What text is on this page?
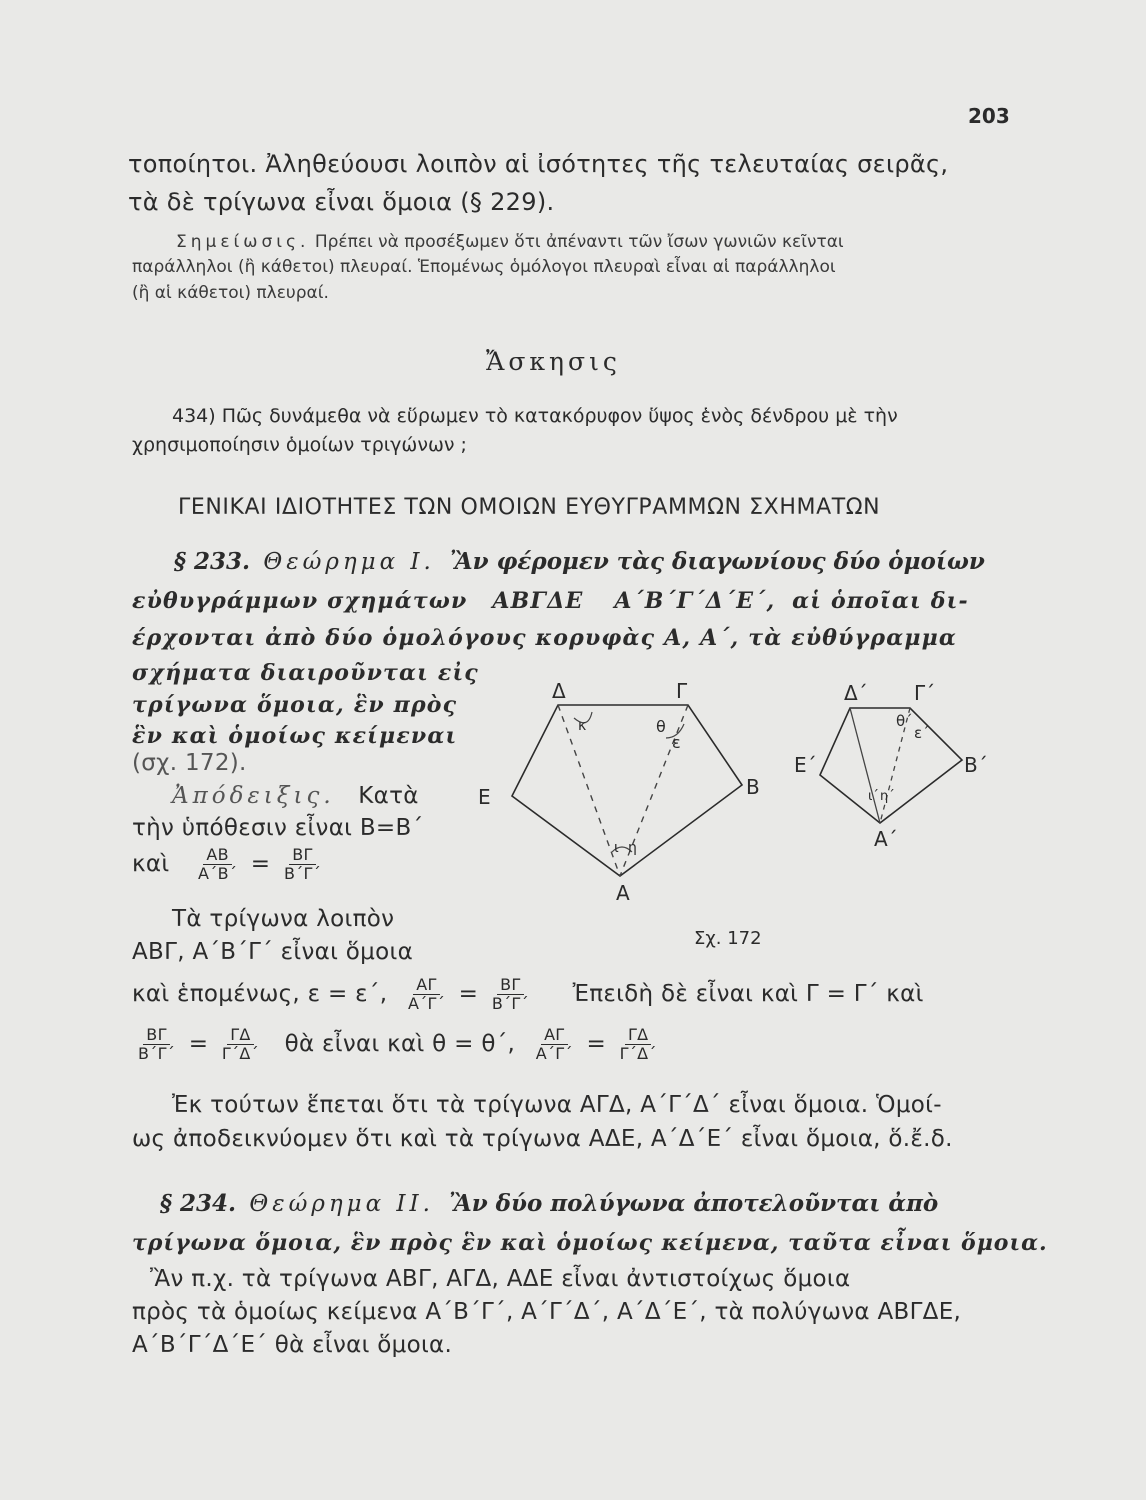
203
τοποίητοι. Ἀληθεύουσι λοιπὸν αἱ ἰσότητες τῆς τελευταίας σειρᾶς,
τὰ δὲ τρίγωνα εἶναι ὅμοια (§ 229).
Σημείωσις. Πρέπει νὰ προσέξωμεν ὅτι ἀπέναντι τῶν ἴσων γωνιῶν κεῖνται
παράλληλοι (ἢ κάθετοι) πλευραί. Ἑπομένως ὁμόλογοι πλευραὶ εἶναι αἱ παράλληλοι
(ἢ αἱ κάθετοι) πλευραί.
Ἄσκησις
434) Πῶς δυνάμεθα νὰ εὕρωμεν τὸ κατακόρυφον ὕψος ἑνὸς δένδρου μὲ τὴν
χρησιμοποίησιν ὁμοίων τριγώνων ;
ΓΕΝΙΚΑΙ ΙΔΙΟΤΗΤΕΣ ΤΩΝ ΟΜΟΙΩΝ ΕΥΘΥΓΡΑΜΜΩΝ ΣΧΗΜΑΤΩΝ
§ 233. Θεώρημα Ι. Ἂν φέρομεν τὰς διαγωνίους δύο ὁμοίων
εὐθυγράμμων σχημάτων ΑΒΓΔΕ Α΄Β΄Γ΄Δ΄Ε΄, αἱ ὁποῖαι δι-
έρχονται ἀπὸ δύο ὁμολόγους κορυφὰς Α, Α΄, τὰ εὐθύγραμμα
σχήματα διαιροῦνται εἰς
τρίγωνα ὅμοια, ἓν πρὸς
ἓν καὶ ὁμοίως κείμεναι
(σχ. 172).
Ἀπόδειξις. Κατὰ
τὴν ὑπόθεσιν εἶναι Β=Β΄
καὶ $\frac{AB}{A΄B΄} = \frac{B\Gamma}{B΄\Gamma΄}$
Τὰ τρίγωνα λοιπὸν
ΑΒΓ, Α΄Β΄Γ΄ εἶναι ὅμοια
καὶ ἑπομένως, ε = ε΄, $\frac{A\Gamma}{A΄\Gamma΄} = \frac{B\Gamma}{B΄\Gamma΄}$ Ἐπειδὴ δὲ εἶναι καὶ Γ = Γ΄ καὶ
$\frac{B\Gamma}{B΄\Gamma΄} = \frac{\Gamma\Delta}{\Gamma΄\Delta΄}$ θὰ εἶναι καὶ θ = θ΄, $\frac{A\Gamma}{A΄\Gamma΄} = \frac{\Gamma\Delta}{\Gamma΄\Delta΄}$
Ἐκ τούτων ἕπεται ὅτι τὰ τρίγωνα ΑΓΔ, Α΄Γ΄Δ΄ εἶναι ὅμοια. Ὁμοί-
ως ἀποδεικνύομεν ὅτι καὶ τὰ τρίγωνα ΑΔΕ, Α΄Δ΄Ε΄ εἶναι ὅμοια, ὅ.ἔ.δ.
Δ	Γ
Ε	Β
Α
κ	θ
ε
ι η
Δ΄ Γ΄
Ε΄	Β΄
Α΄
θ΄
ε΄
ι΄ η΄
Σχ. 172
§ 234. Θεώρημα ΙΙ. Ἂν δύο πολύγωνα ἀποτελοῦνται ἀπὸ
τρίγωνα ὅμοια, ἓν πρὸς ἓν καὶ ὁμοίως κείμενα, ταῦτα εἶναι ὅμοια.
Ἂν π.χ. τὰ τρίγωνα ΑΒΓ, ΑΓΔ, ΑΔΕ εἶναι ἀντιστοίχως ὅμοια
πρὸς τὰ ὁμοίως κείμενα Α΄Β΄Γ΄, Α΄Γ΄Δ΄, Α΄Δ΄Ε΄, τὰ πολύγωνα ΑΒΓΔΕ,
Α΄Β΄Γ΄Δ΄Ε΄ θὰ εἶναι ὅμοια.
